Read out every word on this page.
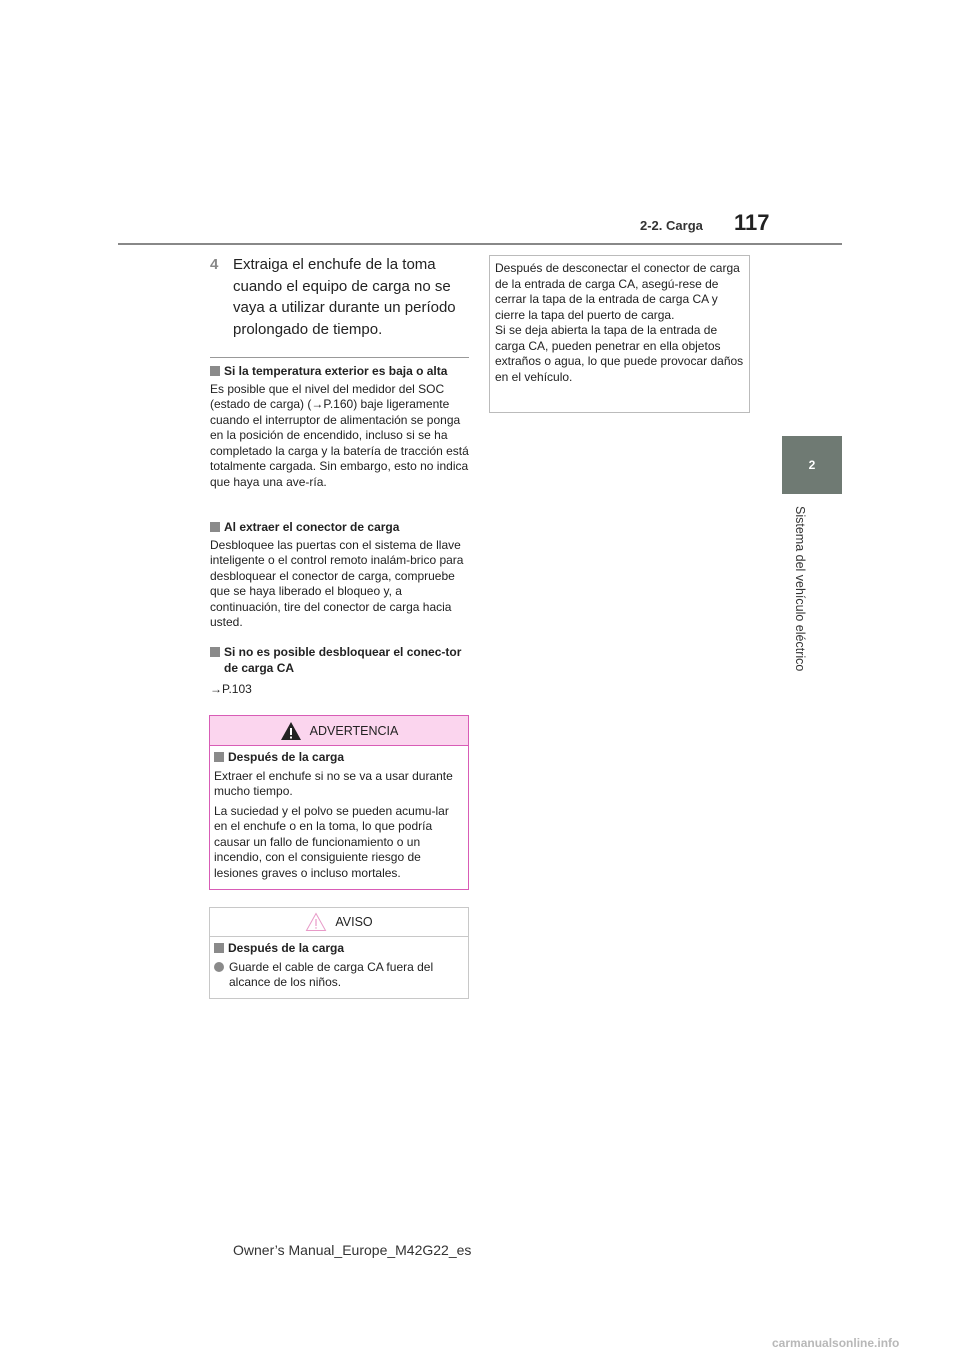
2-2. Carga 117
2
Sistema del vehículo eléctrico
4 Extraiga el enchufe de la toma cuando el equipo de carga no se vaya a utilizar durante un período prolongado de tiempo.
Si la temperatura exterior es baja o alta
Es posible que el nivel del medidor del SOC (estado de carga) (→P.160) baje ligeramente cuando el interruptor de alimentación se ponga en la posición de encendido, incluso si se ha completado la carga y la batería de tracción está totalmente cargada. Sin embargo, esto no indica que haya una ave-ría.
Al extraer el conector de carga
Desbloquee las puertas con el sistema de llave inteligente o el control remoto inalám-brico para desbloquear el conector de carga, compruebe que se haya liberado el bloqueo y, a continuación, tire del conector de carga hacia usted.
Si no es posible desbloquear el conec-tor de carga CA
→P.103
ADVERTENCIA
Después de la carga

Extraer el enchufe si no se va a usar durante mucho tiempo.

La suciedad y el polvo se pueden acumu-lar en el enchufe o en la toma, lo que podría causar un fallo de funcionamiento o un incendio, con el consiguiente riesgo de lesiones graves o incluso mortales.

AVISO
Después de la carga
Guarde el cable de carga CA fuera del alcance de los niños.
Después de desconectar el conector de carga de la entrada de carga CA, asegú-rese de cerrar la tapa de la entrada de carga CA y cierre la tapa del puerto de carga.
Si se deja abierta la tapa de la entrada de carga CA, pueden penetrar en ella objetos extraños o agua, lo que puede provocar daños en el vehículo.
Owner’s Manual_Europe_M42G22_es
carmanualsonline.info
